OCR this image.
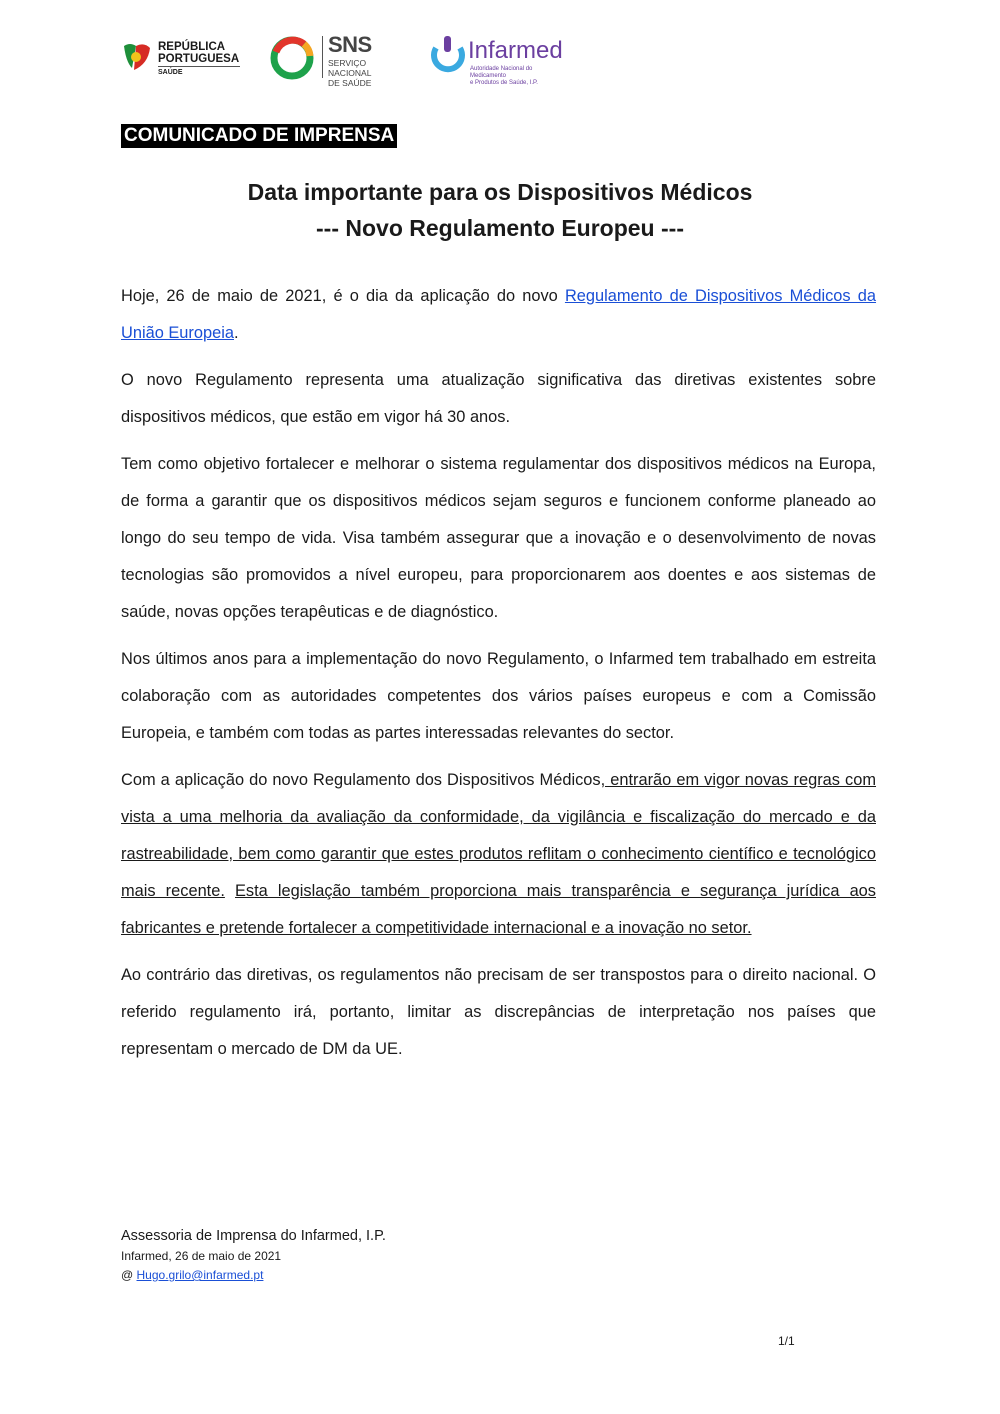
REPÚBLICA
PORTUGUESA
SAÚDE
SNS
SERVIÇO NACIONAL
DE SAÚDE
Infarmed
Autoridade Nacional do Medicamento
e Produtos de Saúde, I.P.
COMUNICADO DE IMPRENSA
Data importante para os Dispositivos Médicos
--- Novo Regulamento Europeu ---

Hoje, 26 de maio de 2021, é o dia da aplicação do novo Regulamento de Dispositivos Médicos da União Europeia.

O novo Regulamento representa uma atualização significativa das diretivas existentes sobre dispositivos médicos, que estão em vigor há 30 anos.

Tem como objetivo fortalecer e melhorar o sistema regulamentar dos dispositivos médicos na Europa, de forma a garantir que os dispositivos médicos sejam seguros e funcionem conforme planeado ao longo do seu tempo de vida. Visa também assegurar que a inovação e o desenvolvimento de novas tecnologias são promovidos a nível europeu, para proporcionarem aos doentes e aos sistemas de saúde, novas opções terapêuticas e de diagnóstico.

Nos últimos anos para a implementação do novo Regulamento, o Infarmed tem trabalhado em estreita colaboração com as autoridades competentes dos vários países europeus e com a Comissão Europeia, e também com todas as partes interessadas relevantes do sector.

Com a aplicação do novo Regulamento dos Dispositivos Médicos, entrarão em vigor novas regras com vista a uma melhoria da avaliação da conformidade, da vigilância e fiscalização do mercado e da rastreabilidade, bem como garantir que estes produtos reflitam o conhecimento científico e tecnológico mais recente. Esta legislação também proporciona mais transparência e segurança jurídica aos fabricantes e pretende fortalecer a competitividade internacional e a inovação no setor.

Ao contrário das diretivas, os regulamentos não precisam de ser transpostos para o direito nacional. O referido regulamento irá, portanto, limitar as discrepâncias de interpretação nos países que representam o mercado de DM da UE.

Assessoria de Imprensa do Infarmed, I.P.
Infarmed, 26 de maio de 2021
@ Hugo.grilo@infarmed.pt
1/1
